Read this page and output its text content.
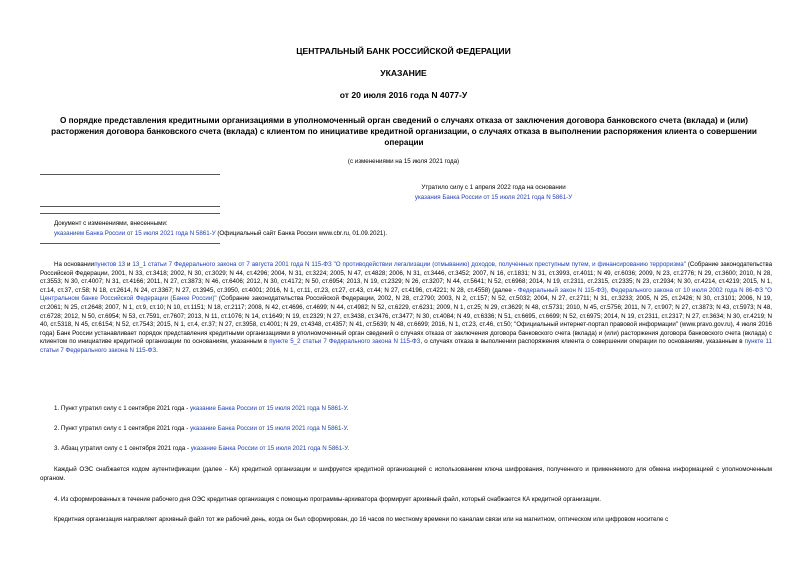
ЦЕНТРАЛЬНЫЙ БАНК РОССИЙСКОЙ ФЕДЕРАЦИИ
УКАЗАНИЕ
от 20 июля 2016 года N 4077-У
О порядке представления кредитными организациями в уполномоченный орган сведений о случаях отказа от заключения договора банковского счета (вклада) и (или) расторжения договора банковского счета (вклада) с клиентом по инициативе кредитной организации, о случаях отказа в выполнении распоряжения клиента о совершении операции
(с изменениями на 15 июля 2021 года)
Утратило силу с 1 апреля 2022 года на основании
указания Банка России от 15 июля 2021 года N 5861-У
Документ с изменениями, внесенными:
указанием Банка России от 15 июля 2021 года N 5861-У (Официальный сайт Банка России www.cbr.ru, 01.09.2021).
На основаниипунктов 13 и 13_1 статьи 7 Федерального закона от 7 августа 2001 года N 115-ФЗ "О противодействии легализации (отмыванию) доходов, полученных преступным путем, и финансированию терроризма" (Собрание законодательства Российской Федерации, 2001, N 33, ст.3418; 2002, N 30, ст.3029; N 44, ст.4296; 2004, N 31, ст.3224; 2005, N 47, ст.4828; 2006, N 31, ст.3446, ст.3452; 2007, N 16, ст.1831; N 31, ст.3993, ст.4011; N 49, ст.6036; 2009, N 23, ст.2776; N 29, ст.3600; 2010, N 28, ст.3553; N 30, ст.4007; N 31, ст.4166; 2011, N 27, ст.3873; N 46, ст.6406; 2012, N 30, ст.4172; N 50, ст.6954; 2013, N 19, ст.2329; N 26, ст.3207; N 44, ст.5641; N 52, ст.6968; 2014, N 19, ст.2311, ст.2315, ст.2335; N 23, ст.2934; N 30, ст.4214, ст.4219; 2015, N 1, ст.14, ст.37, ст.58; N 18, ст.2614, N 24, ст.3367; N 27, ст.3945, ст.3950, ст.4001; 2016, N 1, ст.11, ст.23, ст.27, ст.43, ст.44; N 27, ст.4196, ст.4221; N 28, ст.4558) (далее - Федеральный закон N 115-ФЗ), Федерального закона от 10 июля 2002 года N 86-ФЗ "О Центральном банке Российской Федерации (Банке России)" (Собрание законодательства Российской Федерации, 2002, N 28, ст.2790; 2003, N 2, ст.157; N 52, ст.5032; 2004, N 27, ст.2711; N 31, ст.3233; 2005, N 25, ст.2426; N 30, ст.3101; 2006, N 19, ст.2061; N 25, ст.2648; 2007, N 1, ст.9, ст.10; N 10, ст.1151; N 18, ст.2117; 2008, N 42, ст.4696, ст.4699; N 44, ст.4982; N 52, ст.6229, ст.6231; 2009, N 1, ст.25; N 29, ст.3629; N 48, ст.5731; 2010, N 45, ст.5756; 2011, N 7, ст.907; N 27, ст.3873; N 43, ст.5973; N 48, ст.6728; 2012, N 50, ст.6954; N 53, ст.7591, ст.7607; 2013, N 11, ст.1076; N 14, ст.1649; N 19, ст.2329; N 27, ст.3438, ст.3476, ст.3477; N 30, ст.4084; N 49, ст.6336; N 51, ст.6695, ст.6699; N 52, ст.6975; 2014, N 19, ст.2311, ст.2317; N 27, ст.3634; N 30, ст.4219; N 40, ст.5318, N 45, ст.6154; N 52, ст.7543; 2015, N 1, ст.4, ст.37; N 27, ст.3958, ст.4001; N 29, ст.4348, ст.4357; N 41, ст.5639; N 48, ст.6699; 2016, N 1, ст.23, ст.46, ст.50; "Официальный интернет-портал правовой информации" (www.pravo.gov.ru), 4 июля 2016 года) Банк России устанавливает порядок представления кредитными организациями в уполномоченный орган сведений о случаях отказа от заключения договора банковского счета (вклада) и (или) расторжения договора банковского счета (вклада) с клиентом по инициативе кредитной организации по основаниям, указанным в пункте 5_2 статьи 7 Федерального закона N 115-ФЗ, о случаях отказа в выполнении распоряжения клиента о совершении операции по основаниям, указанным в пункте 11 статьи 7 Федерального закона N 115-ФЗ.
1. Пункт утратил силу с 1 сентября 2021 года - указание Банка России от 15 июля 2021 года N 5861-У.
2. Пункт утратил силу с 1 сентября 2021 года - указание Банка России от 15 июля 2021 года N 5861-У.
3. Абзац утратил силу с 1 сентября 2021 года - указание Банка России от 15 июля 2021 года N 5861-У.
Каждый ОЭС снабжается кодом аутентификации (далее - КА) кредитной организации и шифруется кредитной организацией с использованием ключа шифрования, полученного и применяемого для обмена информацией с уполномоченным органом.
4. Из сформированных в течение рабочего дня ОЭС кредитная организация с помощью программы-архиватора формирует архивный файл, который снабжается КА кредитной организации.
Кредитная организация направляет архивный файл тот же рабочий день, когда он был сформирован, до 16 часов по местному времени по каналам связи или на магнитном, оптическом или цифровом носителе с
